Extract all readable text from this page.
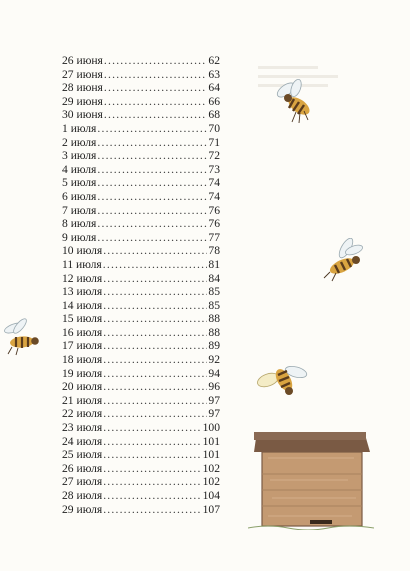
26 июня .....	62
27 июня .....	63
28 июня .....	64
29 июня .....	66
30 июня .....	68
1 июля .....	70
2 июля .....	71
3 июля .....	72
4 июля .....	73
5 июля .....	74
6 июля .....	74
7 июля .....	76
8 июля .....	76
9 июля .....	77
10 июля .....	78
11 июля .....	81
12 июля .....	84
13 июля .....	85
14 июля .....	85
15 июля .....	88
16 июля .....	88
17 июля .....	89
18 июля .....	92
19 июля .....	94
20 июля .....	96
21 июля .....	97
22 июля .....	97
23 июля .....	100
24 июля .....	101
25 июля .....	101
26 июля .....	102
27 июля .....	102
28 июля .....	104
29 июля .....	107
